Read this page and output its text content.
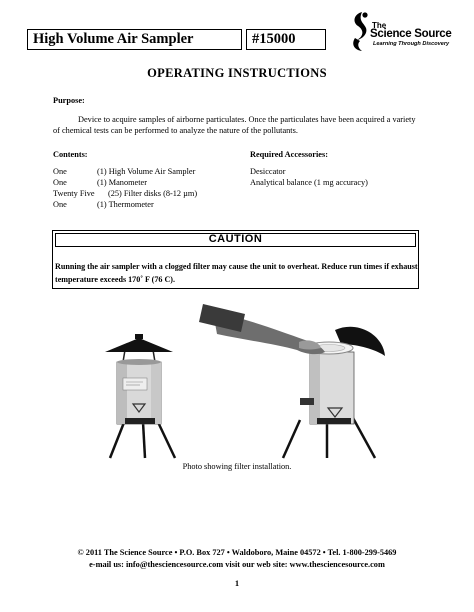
High Volume Air Sampler	#15000
The
Science Source
Learning Through Discovery
OPERATING INSTRUCTIONS
Purpose:
Device to acquire samples of airborne particulates. Once the particulates have been acquired a variety of chemical tests can be performed to analyze the nature of the pollutants.
Contents:	Required Accessories:
One	(1) High Volume Air Sampler
One	(1) Manometer
Twenty Five (25) Filter disks (8-12 µm)
One	(1) Thermometer
Desiccator
Analytical balance (1 mg accuracy)
CAUTION
Running the air sampler with a clogged filter may cause the unit to overheat. Reduce run times if exhaust temperature exceeds 170˚ F (76 C).
Photo showing filter installation.
© 2011 The Science Source • P.O. Box 727 • Waldoboro, Maine 04572 • Tel. 1-800-299-5469
e-mail us: info@thesciencesource.com visit our web site: www.thesciencesource.com
1
